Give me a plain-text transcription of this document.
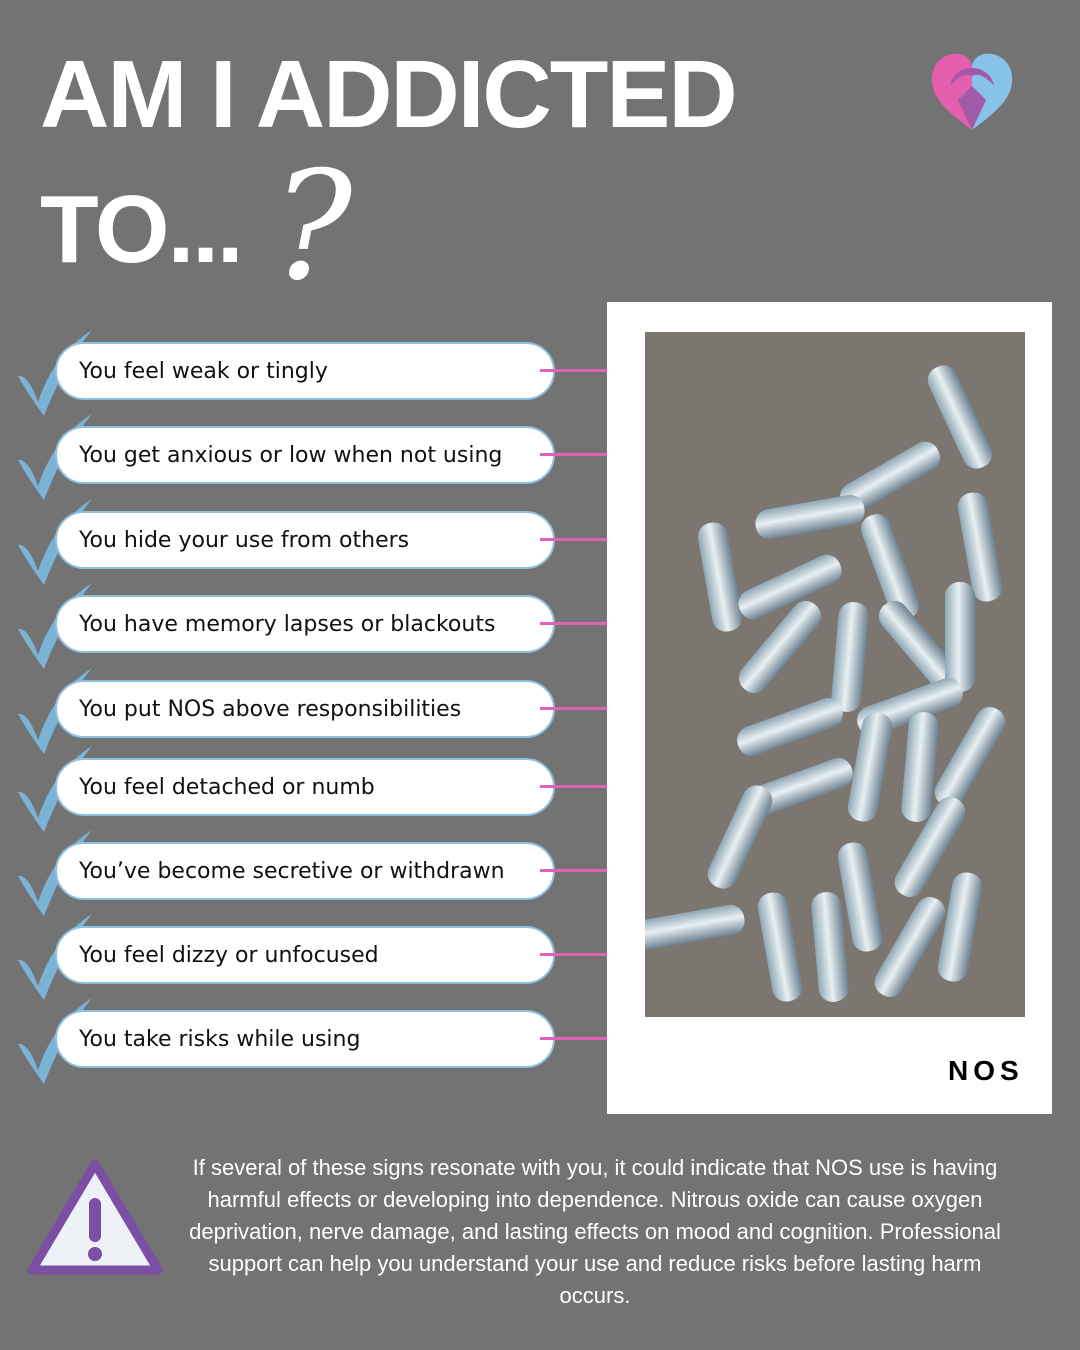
AM I ADDICTED
TO... ?
You feel weak or tingly
You get anxious or low when not using
You hide your use from others
You have memory lapses or blackouts
You put NOS above responsibilities
You feel detached or numb
You’ve become secretive or withdrawn
You feel dizzy or unfocused
You take risks while using
NOS
If several of these signs resonate with you, it could indicate that NOS use is having harmful effects or developing into dependence. Nitrous oxide can cause oxygen deprivation, nerve damage, and lasting effects on mood and cognition. Professional support can help you understand your use and reduce risks before lasting harm occurs.
